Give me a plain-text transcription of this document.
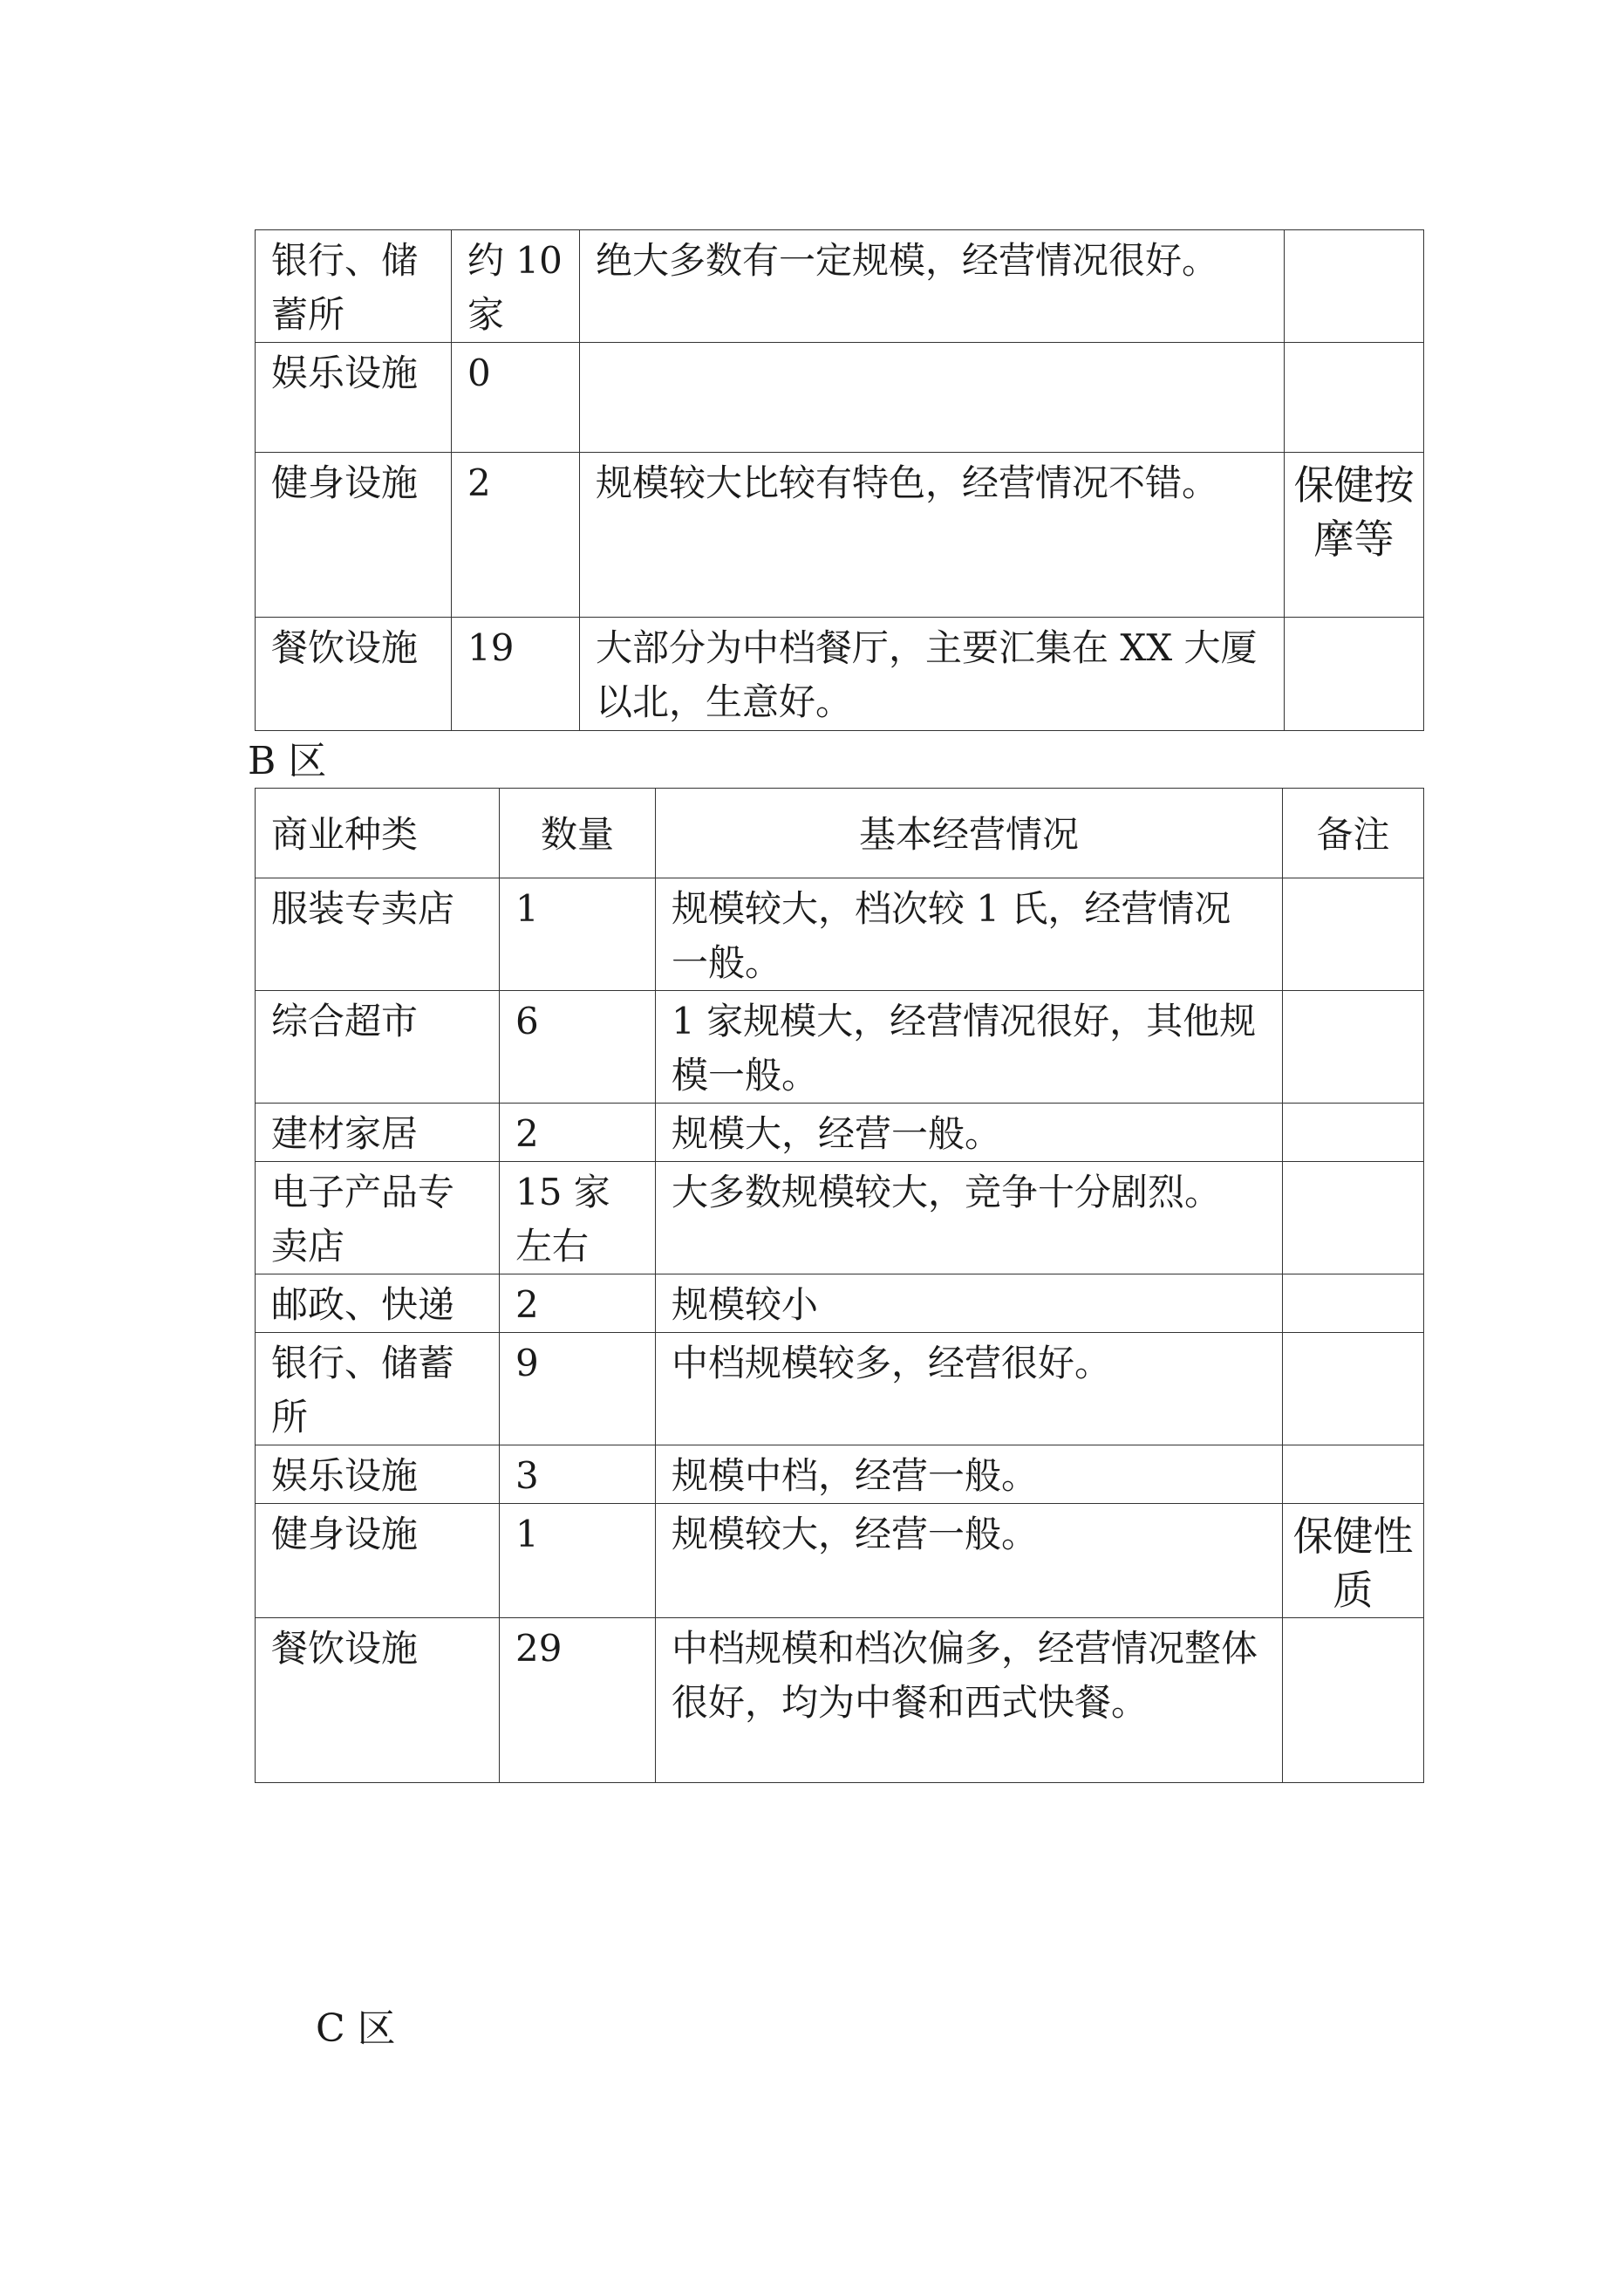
银行、储蓄所	约 10 家	绝大多数有一定规模，经营情况很好。	
娱乐设施	0		
健身设施	2	规模较大比较有特色，经营情况不错。	保健按摩等
餐饮设施	19	大部分为中档餐厅，主要汇集在 XX 大厦以北，生意好。	
B 区
商业种类	数量	基本经营情况	备注
服装专卖店	1	规模较大，档次较 1 氏，经营情况一般。	
综合超市	6	1 家规模大，经营情况很好，其他规模一般。	
建材家居	2	规模大，经营一般。	
电子产品专卖店	15 家左右	大多数规模较大，竞争十分剧烈。	
邮政、快递	2	规模较小	
银行、储蓄所	9	中档规模较多，经营很好。	
娱乐设施	3	规模中档，经营一般。	
健身设施	1	规模较大，经营一般。	保健性质
餐饮设施	29	中档规模和档次偏多，经营情况整体很好，均为中餐和西式快餐。	
C 区
